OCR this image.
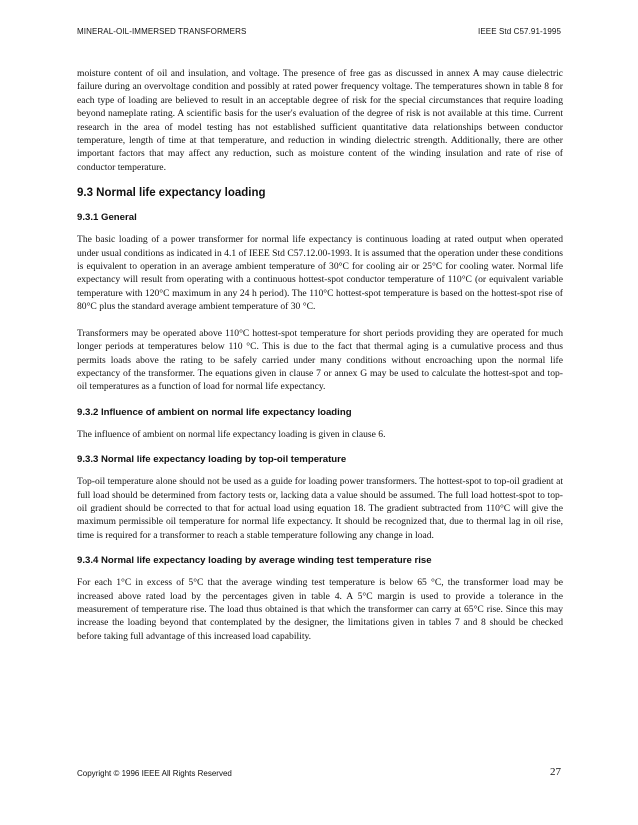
MINERAL-OIL-IMMERSED TRANSFORMERS	IEEE Std C57.91-1995

moisture content of oil and insulation, and voltage. The presence of free gas as discussed in annex A may cause dielectric failure during an overvoltage condition and possibly at rated power frequency voltage. The temperatures shown in table 8 for each type of loading are believed to result in an acceptable degree of risk for the special circumstances that require loading beyond nameplate rating. A scientific basis for the user's evaluation of the degree of risk is not available at this time. Current research in the area of model testing has not established sufficient quantitative data relationships between conductor temperature, length of time at that temperature, and reduction in winding dielectric strength. Additionally, there are other important factors that may affect any reduction, such as moisture content of the winding insulation and rate of rise of conductor temperature.

9.3 Normal life expectancy loading
9.3.1 General

The basic loading of a power transformer for normal life expectancy is continuous loading at rated output when operated under usual conditions as indicated in 4.1 of IEEE Std C57.12.00-1993. It is assumed that the operation under these conditions is equivalent to operation in an average ambient temperature of 30°C for cooling air or 25°C for cooling water. Normal life expectancy will result from operating with a continuous hottest-spot conductor temperature of 110°C (or equivalent variable temperature with 120°C maximum in any 24 h period). The 110°C hottest-spot temperature is based on the hottest-spot rise of 80°C plus the standard average ambient temperature of 30 °C.

Transformers may be operated above 110°C hottest-spot temperature for short periods providing they are operated for much longer periods at temperatures below 110 °C. This is due to the fact that thermal aging is a cumulative process and thus permits loads above the rating to be safely carried under many conditions without encroaching upon the normal life expectancy of the transformer. The equations given in clause 7 or annex G may be used to calculate the hottest-spot and top-oil temperatures as a function of load for normal life expectancy.

9.3.2 Influence of ambient on normal life expectancy loading

The influence of ambient on normal life expectancy loading is given in clause 6.

9.3.3 Normal life expectancy loading by top-oil temperature

Top-oil temperature alone should not be used as a guide for loading power transformers. The hottest-spot to top-oil gradient at full load should be determined from factory tests or, lacking data a value should be assumed. The full load hottest-spot to top-oil gradient should be corrected to that for actual load using equation 18. The gradient subtracted from 110°C will give the maximum permissible oil temperature for normal life expectancy. It should be recognized that, due to thermal lag in oil rise, time is required for a transformer to reach a stable temperature following any change in load.

9.3.4 Normal life expectancy loading by average winding test temperature rise

For each 1°C in excess of 5°C that the average winding test temperature is below 65 °C, the transformer load may be increased above rated load by the percentages given in table 4. A 5°C margin is used to provide a tolerance in the measurement of temperature rise. The load thus obtained is that which the transformer can carry at 65°C rise. Since this may increase the loading beyond that contemplated by the designer, the limitations given in tables 7 and 8 should be checked before taking full advantage of this increased load capability.

Copyright © 1996 IEEE All Rights Reserved	27
